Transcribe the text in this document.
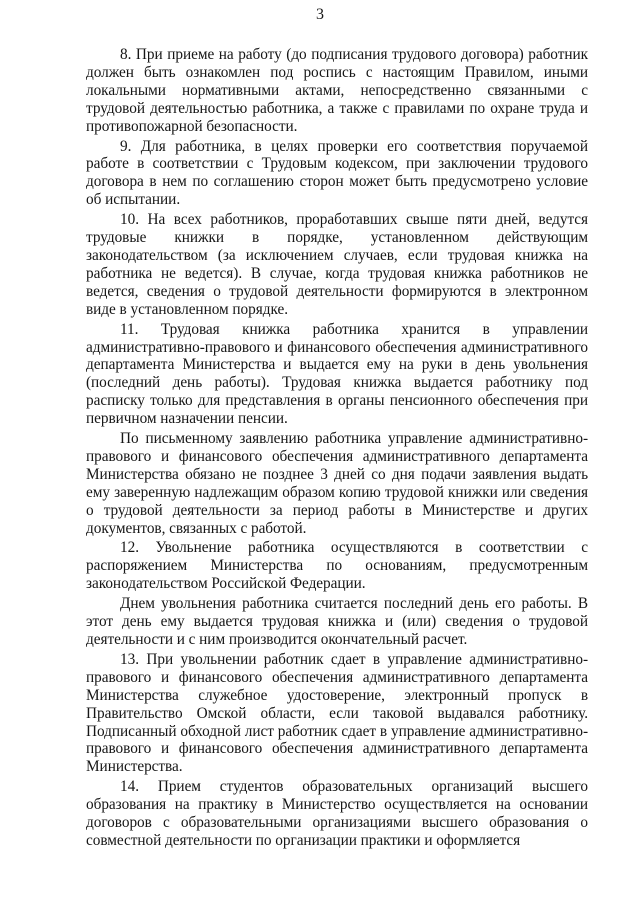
3

8. При приеме на работу (до подписания трудового договора) работник должен быть ознакомлен под роспись с настоящим Правилом, иными локальными нормативными актами, непосредственно связанными с трудовой деятельностью работника, а также с правилами по охране труда и противопожарной безопасности.

9. Для работника, в целях проверки его соответствия поручаемой работе в соответствии с Трудовым кодексом, при заключении трудового договора в нем по соглашению сторон может быть предусмотрено условие об испытании.

10. На всех работников, проработавших свыше пяти дней, ведутся трудовые книжки в порядке, установленном действующим законодательством (за исключением случаев, если трудовая книжка на работника не ведется). В случае, когда трудовая книжка работников не ведется, сведения о трудовой деятельности формируются в электронном виде в установленном порядке.

11. Трудовая книжка работника хранится в управлении административно-правового и финансового обеспечения административного департамента Министерства и выдается ему на руки в день увольнения (последний день работы). Трудовая книжка выдается работнику под расписку только для представления в органы пенсионного обеспечения при первичном назначении пенсии.

По письменному заявлению работника управление административно-правового и финансового обеспечения административного департамента Министерства обязано не позднее 3 дней со дня подачи заявления выдать ему заверенную надлежащим образом копию трудовой книжки или сведения о трудовой деятельности за период работы в Министерстве и других документов, связанных с работой.

12. Увольнение работника осуществляются в соответствии с распоряжением Министерства по основаниям, предусмотренным законодательством Российской Федерации.

Днем увольнения работника считается последний день его работы. В этот день ему выдается трудовая книжка и (или) сведения о трудовой деятельности и с ним производится окончательный расчет.

13. При увольнении работник сдает в управление административно-правового и финансового обеспечения административного департамента Министерства служебное удостоверение, электронный пропуск в Правительство Омской области, если таковой выдавался работнику. Подписанный обходной лист работник сдает в управление административно-правового и финансового обеспечения административного департамента Министерства.

14. Прием студентов образовательных организаций высшего образования на практику в Министерство осуществляется на основании договоров с образовательными организациями высшего образования о совместной деятельности по организации практики и оформляется
